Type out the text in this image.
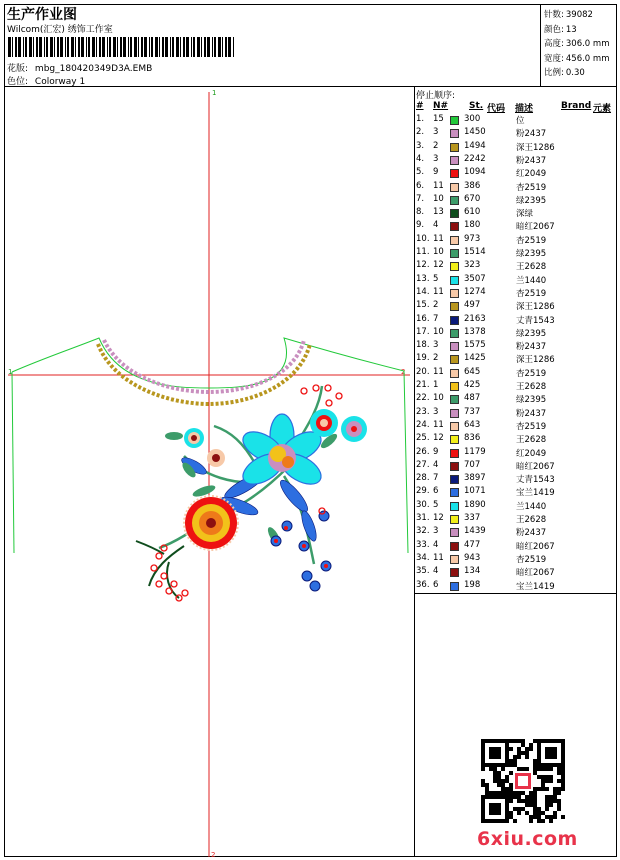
生产作业图
Wilcom(汇宏) 绣饰工作室
花版: mbg_180420349D3A.EMB
色位: Colorway 1
针数: 39082
颜色: 13
高度: 306.0 mm
宽度: 456.0 mm
比例: 0.30
停止顺序:
# N# St. 代码 描述	Brand 元素
1. 15 300	位
2. 3	1450	粉2437
3. 2	1494	深王1286
4. 3	2242	粉2437
5. 9	1094	红2049
6. 11 386	杏2519
7. 10 670	绿2395
8. 13 610	深绿
9. 4	180	暗红2067
10. 11 973	杏2519
11. 10 1514	绿2395
12. 12 323	王2628
13. 5	3507	兰1440
14. 11 1274	杏2519
15. 2	497	深王1286
16. 7	2163	丈青1543
17. 10 1378	绿2395
18. 3	1575	粉2437
19. 2	1425	深王1286
20. 11 645	杏2519
21. 1	425	王2628
22. 10 487	绿2395
23. 3	737	粉2437
24. 11 643	杏2519
25. 12 836	王2628
26. 9	1179	红2049
27. 4	707	暗红2067
28. 7	3897	丈青1543
29. 6	1071	宝兰1419
30. 5	1890	兰1440
31. 12 337	王2628
32. 3	1439	粉2437
33. 4	477	暗红2067
34. 11 943	杏2519
35. 4	134	暗红2067
36. 6	198	宝兰1419
1
1	2
2
6xiu.com
